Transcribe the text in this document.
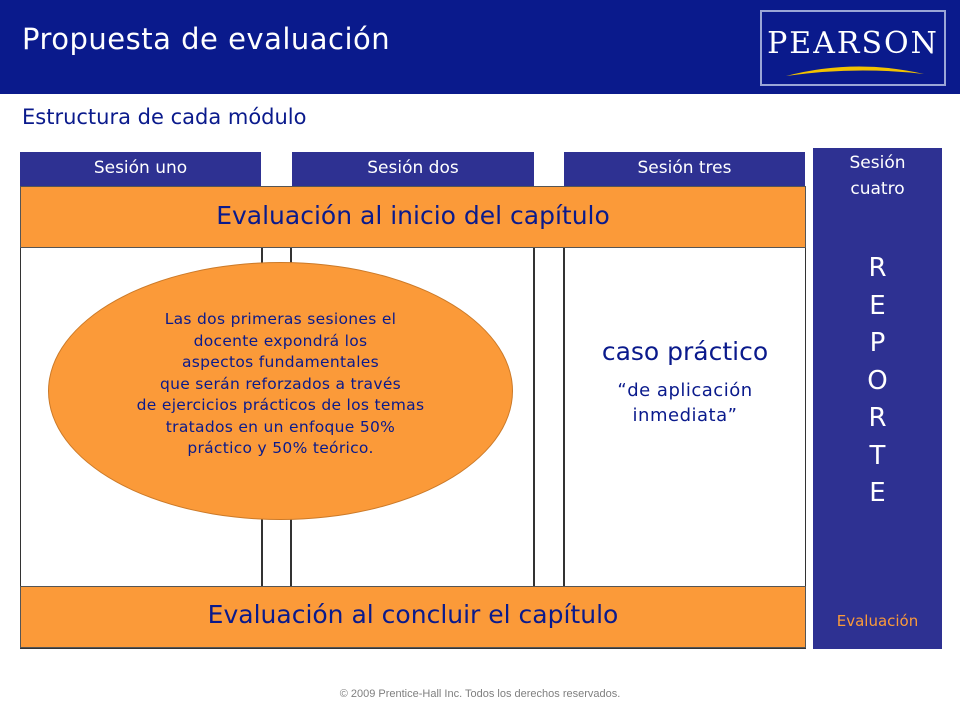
Propuesta de evaluación	PEARSON
Estructura de cada módulo
Sesión uno	Sesión dos	Sesión tres
Evaluación al inicio del capítulo
Evaluación al concluir el capítulo
Sesión
cuatro
R
E
P
O
R
T
E
Evaluación
Las dos primeras sesiones el
docente expondrá los
aspectos fundamentales
que serán reforzados a través
de ejercicios prácticos de los temas
tratados en un enfoque 50%
práctico y 50% teórico.
caso práctico
“de aplicación
inmediata”
© 2009 Prentice-Hall Inc. Todos los derechos reservados.
